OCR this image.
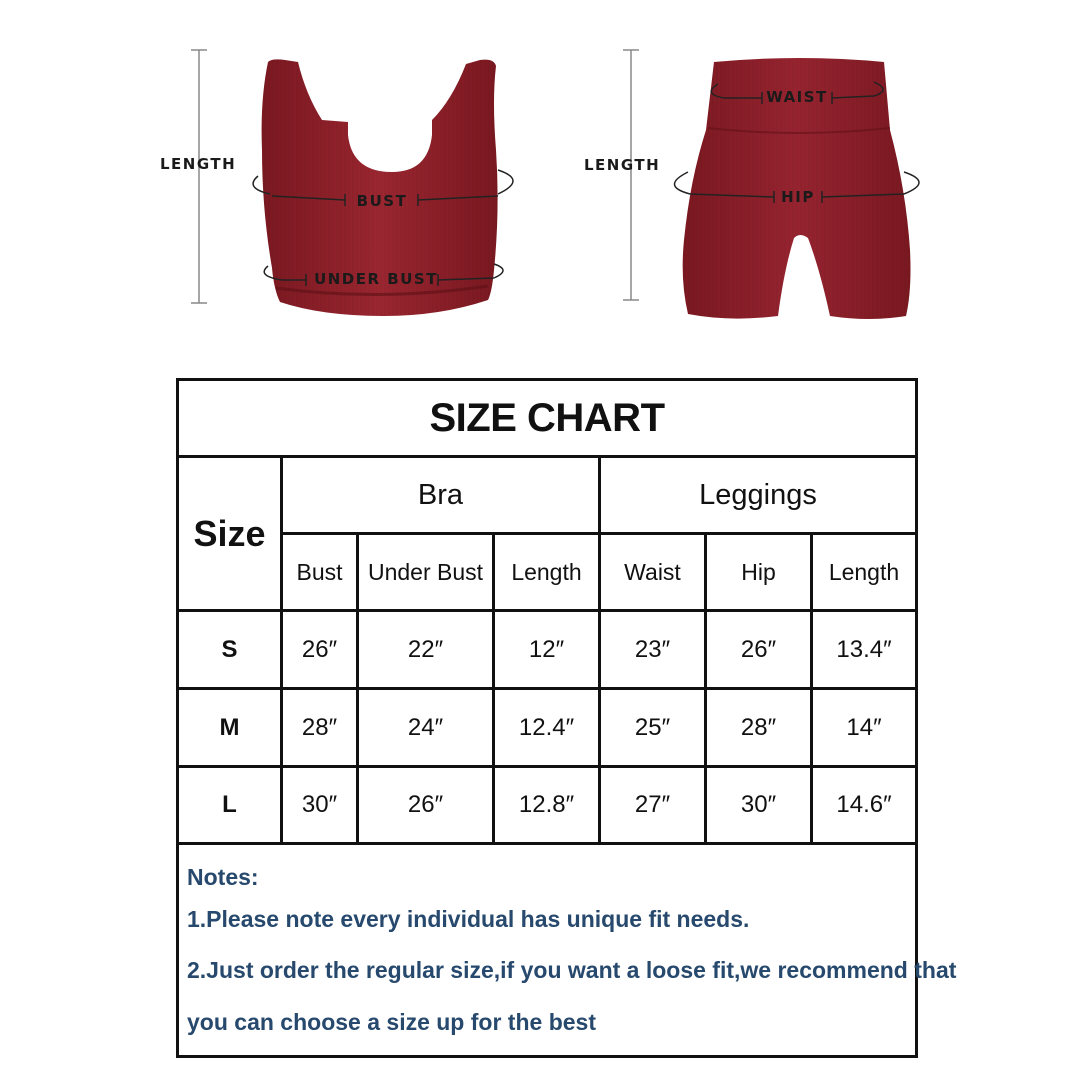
LENGTH
BUST
UNDER BUST
LENGTH
WAIST
HIP
SIZE CHART
Size
Bra	Leggings
Bust	Under Bust	Length	Waist	Hip	Length
S	26″	22″	12″	23″	26″	13.4″
M	28″	24″	12.4″	25″	28″	14″
L	30″	26″	12.8″	27″	30″	14.6″
Notes:
1.Please note every individual has unique fit needs.
2.Just order the regular size,if you want a loose fit,we recommend that
you can choose a size up for the best
